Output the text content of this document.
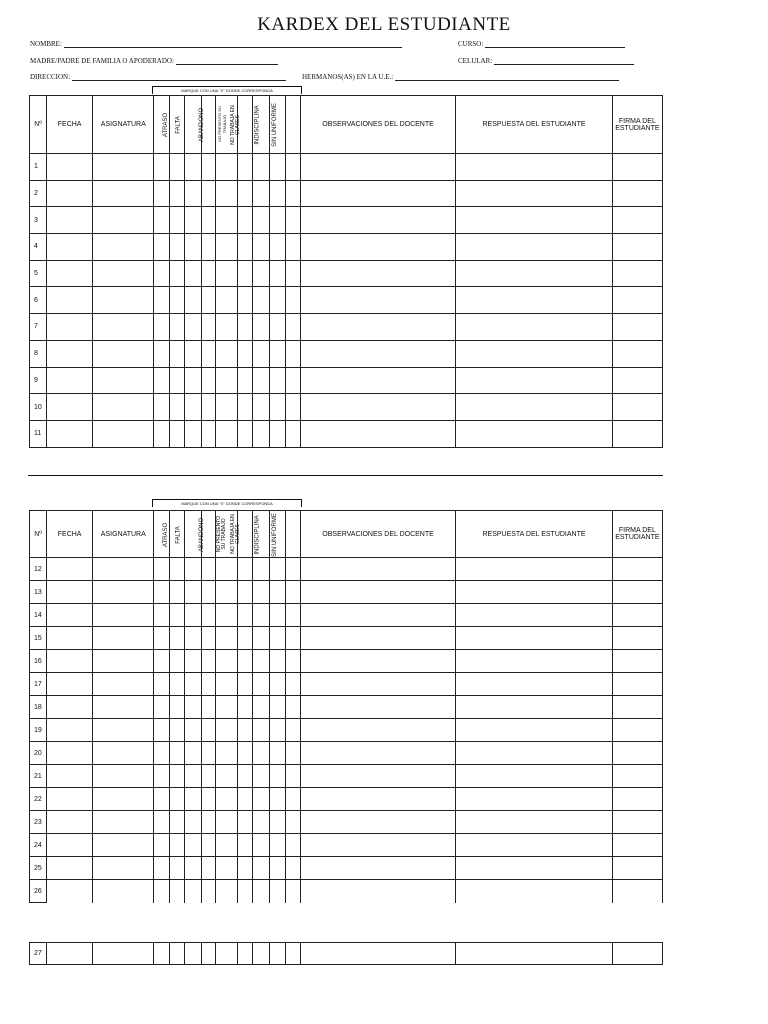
KARDEX DEL ESTUDIANTE
NOMBRE:	CURSO:
MADRE/PADRE DE FAMILIA O APODERADO:	CELULAR:
DIRECCION:	HERMANOS(AS) EN LA U.E.:
MARQUE CON UNA "X" DONDE CORRESPONDA
Nº	FECHA	ASIGNATURA	ATRASO	FALTA	ABANDONO	NO PRESENTO SU TRABAJO	NO TRABAJA EN CLASES	INDISCIPLINA	SIN UNIFORME			OBSERVACIONES DEL DOCENTE	RESPUESTA DEL ESTUDIANTE	FIRMA DEL ESTUDIANTE
1														
2														
3														
4														
5														
6														
7														
8														
9														
10														
11														
MARQUE CON UNA "X" DONDE CORRESPONDA
Nº	FECHA	ASIGNATURA	ATRASO	FALTA	ABANDONO	NO PRESENTO SU TRABAJO	NO TRABAJA EN CLASES	INDISCIPLINA	SIN UNIFORME			OBSERVACIONES DEL DOCENTE	RESPUESTA DEL ESTUDIANTE	FIRMA DEL ESTUDIANTE
12														
13														
14														
15														
16														
17														
18														
19														
20														
21														
22														
23														
24														
25														
26														
27														
